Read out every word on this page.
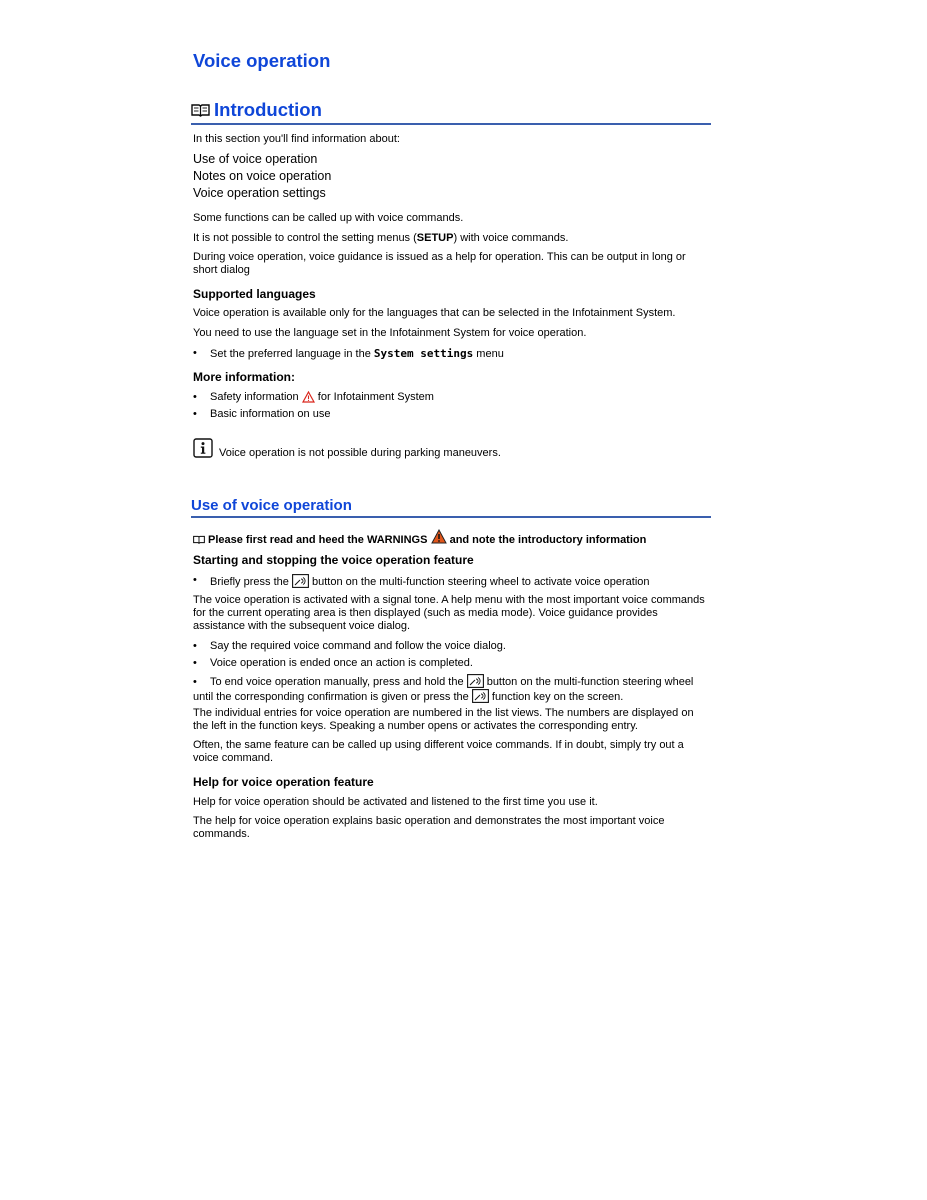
Voice operation
Introduction

In this section you'll find information about:

Use of voice operation
Notes on voice operation
Voice operation settings

Some functions can be called up with voice commands.

It is not possible to control the setting menus (SETUP) with voice commands.

During voice operation, voice guidance is issued as a help for operation. This can be output in long or short dialog

Supported languages

Voice operation is available only for the languages that can be selected in the Infotainment System.

You need to use the language set in the Infotainment System for voice operation.

• Set the preferred language in the System settings menu
More information:
• Safety information  for Infotainment System
• Basic information on use

Voice operation is not possible during parking maneuvers.

Use of voice operation

Please first read and heed the WARNINGS  and note the introductory information

Starting and stopping the voice operation feature
• Briefly press the  button on the multi-function steering wheel to activate voice operation

The voice operation is activated with a signal tone. A help menu with the most important voice commands for the current operating area is then displayed (such as media mode). Voice guidance provides assistance with the subsequent voice dialog.

• Say the required voice command and follow the voice dialog.
• Voice operation is ended once an action is completed.
• To end voice operation manually, press and hold the  button on the multi-function steering wheel until the corresponding confirmation is given or press the  function key on the screen.

The individual entries for voice operation are numbered in the list views. The numbers are displayed on the left in the function keys. Speaking a number opens or activates the corresponding entry.

Often, the same feature can be called up using different voice commands. If in doubt, simply try out a voice command.

Help for voice operation feature

Help for voice operation should be activated and listened to the first time you use it.

The help for voice operation explains basic operation and demonstrates the most important voice commands.
